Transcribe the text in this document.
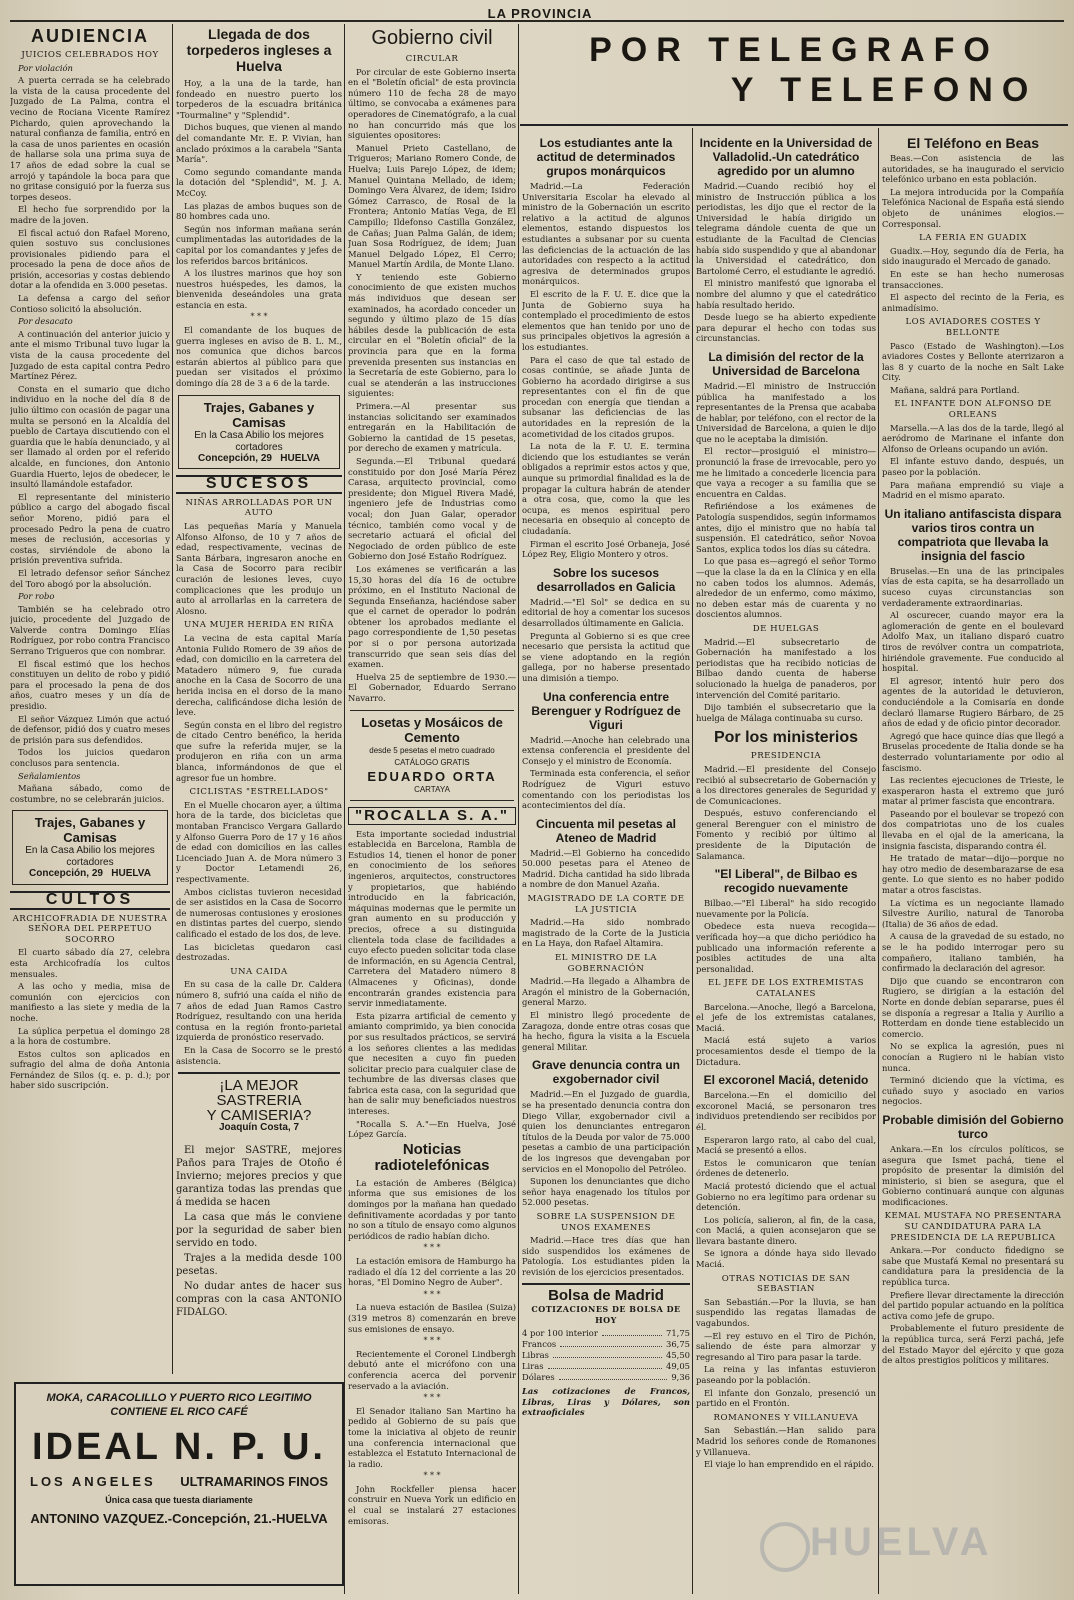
LA PROVINCIA
POR TELEGRAFO
Y TELEFONO
AUDIENCIA
JUICIOS CELEBRADOS HOY

Por violación

A puerta cerrada se ha celebrado la vista de la causa procedente del Juzgado de La Palma, contra el vecino de Rociana Vicente Ramírez Pichardo, quien aprovechando la natural confianza de familia, entró en la casa de unos parientes en ocasión de hallarse sola una prima suya de 17 años de edad sobre la cual se arrojó y tapándole la boca para que no gritase consiguió por la fuerza sus torpes deseos.

El hecho fue sorprendido por la madre de la joven.

El fiscal actuó don Rafael Moreno, quien sostuvo sus conclusiones provisionales pidiendo para el procesado la pena de doce años de prisión, accesorias y costas debiendo dotar a la ofendida en 3.000 pesetas.

La defensa a cargo del señor Contioso solicitó la absolución.

Por desacato

A continuación del anterior juicio y ante el mismo Tribunal tuvo lugar la vista de la causa procedente del Juzgado de esta capital contra Pedro Martínez Pérez.

Consta en el sumario que dicho individuo en la noche del día 8 de julio último con ocasión de pagar una multa se personó en la Alcaldía del pueblo de Cartaya discutiendo con el guardia que le había denunciado, y al ser llamado al orden por el referido alcalde, en funciones, don Antonio Guardia Huerto, lejos de obedecer, le insultó llamándole estafador.

El representante del ministerio público a cargo del abogado fiscal señor Moreno, pidió para el procesado Pedro la pena de cuatro meses de reclusión, accesorias y costas, sirviéndole de abono la prisión preventiva sufrida.

El letrado defensor señor Sánchez del Toro abogó por la absolución.

Por robo

También se ha celebrado otro juicio, procedente del Juzgado de Valverde contra Domingo Elías Rodríguez, por robo contra Francisco Serrano Trigueros que con nombrar.

El fiscal estimó que los hechos constituyen un delito de robo y pidió para el procesado la pena de dos años, cuatro meses y un día de presidio.

El señor Vázquez Limón que actuó de defensor, pidió dos y cuatro meses de prisión para sus defendidos.

Todos los juicios quedaron conclusos para sentencia.

Señalamientos

Mañana sábado, como de costumbre, no se celebrarán juicios.

Trajes, Gabanes y Camisas
En la Casa Abilio los mejores cortadores
Concepción, 29 HUELVA
CULTOS
ARCHICOFRADIA DE NUESTRA SEÑORA DEL PERPETUO SOCORRO

El cuarto sábado día 27, celebra esta Archicofradía los cultos mensuales.

A las ocho y media, misa de comunión con ejercicios con manifiesto a las siete y media de la noche.

La súplica perpetua el domingo 28 a la hora de costumbre.

Estos cultos son aplicados en sufragio del alma de doña Antonia Fernández de Silos (q. e. p. d.); por haber sido suscripción.

MOKA, CARACOLILLO Y PUERTO RICO LEGITIMO
CONTIENE EL RICO CAFÉ
IDEAL N. P. U.
LOS ANGELES ULTRAMARINOS FINOS
Única casa que tuesta diariamente
ANTONINO VAZQUEZ.-Concepción, 21.-HUELVA
Llegada de dos torpederos ingleses a Huelva

Hoy, a la una de la tarde, han fondeado en nuestro puerto los torpederos de la escuadra británica "Tourmaline" y "Splendid".

Dichos buques, que vienen al mando del comandante Mr. E. P. Vivian, han anclado próximos a la carabela "Santa María".

Como segundo comandante manda la dotación del "Splendid", M. J. A. McCoy.

Las plazas de ambos buques son de 80 hombres cada uno.

Según nos informan mañana serán cumplimentadas las autoridades de la capital por los comandantes y jefes de los referidos barcos británicos.

A los ilustres marinos que hoy son nuestros huéspedes, les damos, la bienvenida deseándoles una grata estancia en esta.

* * *

El comandante de los buques de guerra ingleses en aviso de B. L. M., nos comunica que dichos barcos estarán abiertos al público para que puedan ser visitados el próximo domingo día 28 de 3 a 6 de la tarde.

Trajes, Gabanes y Camisas
En la Casa Abilio los mejores cortadores
Concepción, 29 HUELVA
SUCESOS
NIÑAS ARROLLADAS POR UN AUTO

Las pequeñas María y Manuela Alfonso Alfonso, de 10 y 7 años de edad, respectivamente, vecinas de Santa Bárbara, ingresaron anoche en la Casa de Socorro para recibir curación de lesiones leves, cuyo complicaciones que les produjo un auto al arrollarlas en la carretera de Alosno.

UNA MUJER HERIDA EN RIÑA

La vecina de esta capital María Antonia Fulido Romero de 39 años de edad, con domicilio en la carretera del Matadero número 9, fue curada anoche en la Casa de Socorro de una herida incisa en el dorso de la mano derecha, calificándose dicha lesión de leve.

Según consta en el libro del registro de citado Centro benéfico, la herida que sufre la referida mujer, se la produjeron en riña con un arma blanca, informándonos de que el agresor fue un hombre.

CICLISTAS "ESTRELLADOS"

En el Muelle chocaron ayer, a última hora de la tarde, dos bicicletas que montaban Francisco Vergara Gallardo y Alfonso Guerra Poro de 17 y 16 años de edad con domicilios en las calles Licenciado Juan A. de Mora número 3 y Doctor Letamendi 26, respectivamente.

Ambos ciclistas tuvieron necesidad de ser asistidos en la Casa de Socorro de numerosas contusiones y erosiones en distintas partes del cuerpo, siendo calificado el estado de los dos, de leve.

Las bicicletas quedaron casi destrozadas.

UNA CAIDA

En su casa de la calle Dr. Caldera número 8, sufrió una caída el niño de 7 años de edad Juan Ramos Castro Rodríguez, resultando con una herida contusa en la región fronto-parietal izquierda de pronóstico reservado.

En la Casa de Socorro se le prestó asistencia.

¡LA MEJOR SASTRERIA
Y CAMISERIA?
Joaquín Costa, 7

El mejor SASTRE, mejores Paños para Trajes de Otoño é Invierno; mejores precios y que garantiza todas las prendas que á medida se hacen

La casa que más le conviene por la seguridad de saber bien servido en todo.

Trajes a la medida desde 100 pesetas.

No dudar antes de hacer sus compras con la casa ANTONIO FIDALGO.

Gobierno civil
CIRCULAR

Por circular de este Gobierno inserta en el "Boletín oficial" de esta provincia número 110 de fecha 28 de mayo último, se convocaba a exámenes para operadores de Cinematógrafo, a la cual no han concurrido más que los siguientes opositores:

Manuel Prieto Castellano, de Trigueros; Mariano Romero Conde, de Huelva; Luis Parejo López, de idem; Manuel Quintana Mellado, de idem; Domingo Vera Álvarez, de idem; Isidro Gómez Carrasco, de Rosal de la Frontera; Antonio Matías Vega, de El Campillo; Ildefonso Castilla González, de Cañas; Juan Palma Galán, de idem; Juan Sosa Rodríguez, de idem; Juan Manuel Delgado López, El Cerro; Manuel Martín Ardila, de Monte Llano.

Y teniendo este Gobierno conocimiento de que existen muchos más individuos que desean ser examinados, ha acordado conceder un segundo y último plazo de 15 días hábiles desde la publicación de esta circular en el "Boletín oficial" de la provincia para que en la forma prevenida presenten sus instancias en la Secretaría de este Gobierno, para lo cual se atenderán a las instrucciones siguientes:

Primera.—Al presentar sus instancias solicitando ser examinados entregarán en la Habilitación de Gobierno la cantidad de 15 pesetas, por derecho de examen y matrícula.

Segunda.—El Tribunal quedará constituido por don José María Pérez Carasa, arquitecto provincial, como presidente; don Miguel Rivera Madé, ingeniero jefe de Industrias como vocal; don Juan Galar, operador técnico, también como vocal y de secretario actuará el oficial del Negociado de orden público de este Gobierno don José Estaño Rodríguez.

Los exámenes se verificarán a las 15,30 horas del día 16 de octubre próximo, en el Instituto Nacional de Segunda Enseñanza, haciéndose saber que el carnet de operador lo podrán obtener los aprobados mediante el pago correspondiente de 1,50 pesetas por si o por persona autorizada transcurrido que sean seis días del examen.

Huelva 25 de septiembre de 1930.—El Gobernador, Eduardo Serrano Navarro.

Losetas y Mosáicos de Cemento
desde 5 pesetas el metro cuadrado
CATÁLOGO GRATIS
EDUARDO ORTA
CARTAYA
"ROCALLA S. A."

Esta importante sociedad industrial establecida en Barcelona, Rambla de Estudios 14, tienen el honor de poner en conocimiento de los señores ingenieros, arquitectos, constructores y propietarios, que habiéndo introducido en la fabricación, máquinas modernas que le permite un gran aumento en su producción y precios, ofrece a su distinguida clientela toda clase de facilidades a cuyo efecto pueden solicitar toda clase de información, en su Agencia Central, Carretera del Matadero número 8 (Almacenes y Oficinas), donde encontrarán grandes existencia para servir inmediatamente.

Esta pizarra artificial de cemento y amianto comprimido, ya bien conocida por sus resultados prácticos, se servirá a los señores clientes a las medidas que necesiten a cuyo fin pueden solicitar precio para cualquier clase de techumbre de las diversas clases que fabrica esta casa, con la seguridad que han de salir muy beneficiados nuestros intereses.

"Rocalla S. A."—En Huelva, José López García.

Noticias radiotelefónicas

La estación de Amberes (Bélgica) informa que sus emisiones de los domingos por la mañana han quedado definitivamente acordadas y por tanto no son a título de ensayo como algunos periódicos de radio habían dicho.

* * *

La estación emisora de Hamburgo ha radiado el día 12 del corriente a las 20 horas, "El Domino Negro de Auber".

* * *

La nueva estación de Basilea (Suiza) (319 metros 8) comenzarán en breve sus emisiones de ensayo.

* * *

Recientemente el Coronel Lindbergh debutó ante el micrófono con una conferencia acerca del porvenir reservado a la aviación.

* * *

El Senador italiano San Martino ha pedido al Gobierno de su país que tome la iniciativa al objeto de reunir una conferencia internacional que establezca el Estatuto Internacional de la radio.

* * *

John Rockfeller piensa hacer construir en Nueva York un edificio en el cual se instalará 27 estaciones emisoras.

Los estudiantes ante la actitud de determinados grupos monárquicos

Madrid.—La Federación Universitaria Escolar ha elevado al ministro de la Gobernación un escrito relativo a la actitud de algunos elementos, estando dispuestos los estudiantes a subsanar por su cuenta las deficiencias de la actuación de las autoridades con respecto a la actitud agresiva de determinados grupos monárquicos.

El escrito de la F. U. E. dice que la Junta de Gobierno suya ha contemplado el procedimiento de estos elementos que han tenido por uno de sus principales objetivos la agresión a los estudiantes.

Para el caso de que tal estado de cosas continúe, se añade Junta de Gobierno ha acordado dirigirse a sus representantes con el fin de que procedan con energía que tiendan a subsanar las deficiencias de las autoridades en la represión de la acometividad de los citados grupos.

La nota de la F. U. E. termina diciendo que los estudiantes se verán obligados a reprimir estos actos y que, aunque su primordial finalidad es la de propagar la cultura habrán de atender a otra cosa, que, como la que les ocupa, es menos espiritual pero necesaria en obsequio al concepto de ciudadanía.

Firman el escrito José Orbaneja, José López Rey, Eligio Montero y otros.

Sobre los sucesos desarrollados en Galicia

Madrid.—"El Sol" se dedica en su editorial de hoy a comentar los sucesos desarrollados últimamente en Galicia.

Pregunta al Gobierno si es que cree necesario que persista la actitud que se viene adoptando en la región gallega, por no haberse presentado una dimisión a tiempo.

Una conferencia entre Berenguer y Rodríguez de Viguri

Madrid.—Anoche han celebrado una extensa conferencia el presidente del Consejo y el ministro de Economía.

Terminada esta conferencia, el señor Rodríguez de Viguri estuvo comentando con los periodistas los acontecimientos del día.

Cincuenta mil pesetas al Ateneo de Madrid

Madrid.—El Gobierno ha concedido 50.000 pesetas para el Ateneo de Madrid. Dicha cantidad ha sido librada a nombre de don Manuel Azaña.

MAGISTRADO DE LA CORTE DE LA JUSTICIA

Madrid.—Ha sido nombrado magistrado de la Corte de la Justicia en La Haya, don Rafael Altamira.

EL MINISTRO DE LA GOBERNACIÓN

Madrid.—Ha llegado a Alhambra de Aragón el ministro de la Gobernación, general Marzo.

El ministro llegó procedente de Zaragoza, donde entre otras cosas que ha hecho, figura la visita a la Escuela general Militar.

Grave denuncia contra un exgobernador civil

Madrid.—En el Juzgado de guardia, se ha presentado denuncia contra don Diego Villar, exgobernador civil a quien los denunciantes entregaron títulos de la Deuda por valor de 75.000 pesetas a cambio de una participación de los ingresos que devengaban por servicios en el Monopolio del Petróleo.

Suponen los denunciantes que dicho señor haya enagenado los títulos por 52.000 pesetas.

SOBRE LA SUSPENSION DE UNOS EXAMENES

Madrid.—Hace tres días que han sido suspendidos los exámenes de Patología. Los estudiantes piden la revisión de los ejercicios presentados.

Bolsa de Madrid
COTIZACIONES DE BOLSA DE HOY
4 por 100 interior	71,75
Francos	36,75
Libras	45,50
Liras	49,05
Dólares	9,36

Las cotizaciones de Francos, Libras, Liras y Dólares, son extraoficiales

Incidente en la Universidad de Valladolid.-Un catedrático agredido por un alumno

Madrid.—Cuando recibió hoy el ministro de Instrucción pública a los periodistas, les dijo que el rector de la Universidad le había dirigido un telegrama dándole cuenta de que un estudiante de la Facultad de Ciencias había sido suspendido y que al abandonar la Universidad el catedrático, don Bartolomé Cerro, el estudiante le agredió.

El ministro manifestó que ignoraba el nombre del alumno y que el catedrático había resultado herido.

Desde luego se ha abierto expediente para depurar el hecho con todas sus circunstancias.

La dimisión del rector de la Universidad de Barcelona

Madrid.—El ministro de Instrucción pública ha manifestado a los representantes de la Prensa que acababa de hablar, por teléfono, con el rector de la Universidad de Barcelona, a quien le dijo que no le aceptaba la dimisión.

El rector—prosiguió el ministro—pronunció la frase de irrevocable, pero yo me he limitado a concederle licencia para que vaya a recoger a su familia que se encuentra en Caldas.

Refiriéndose a los exámenes de Patología suspendidos, según informamos antes, dijo el ministro que no había tal suspensión. El catedrático, señor Novoa Santos, explica todos los días su cátedra.

Lo que pasa es—agregó el señor Tormo—que la clase la da en la Clínica y en ella no caben todos los alumnos. Además, alrededor de un enfermo, como máximo, no deben estar más de cuarenta y no doscientos alumnos.

DE HUELGAS

Madrid.—El subsecretario de Gobernación ha manifestado a los periodistas que ha recibido noticias de Bilbao dando cuenta de haberse solucionado la huelga de panaderos, por intervención del Comité paritario.

Dijo también el subsecretario que la huelga de Málaga continuaba su curso.

Por los ministerios
PRESIDENCIA

Madrid.—El presidente del Consejo recibió al subsecretario de Gobernación y a los directores generales de Seguridad y de Comunicaciones.

Después, estuvo conferenciando el general Berenguer con el ministro de Fomento y recibió por último al presidente de la Diputación de Salamanca.

"El Liberal", de Bilbao es recogido nuevamente

Bilbao.—"El Liberal" ha sido recogido nuevamente por la Policía.

Obedece esta nueva recogida—veríficada hoy—a que dicho periódico ha publicado una información referente a posibles actitudes de una alta personalidad.

EL JEFE DE LOS EXTREMISTAS CATALANES

Barcelona.—Anoche, llegó a Barcelona, el jefe de los extremistas catalanes, Maciá.

Maciá está sujeto a varios procesamientos desde el tiempo de la Dictadura.

El excoronel Maciá, detenido

Barcelona.—En el domicilio del excoronel Maciá, se personaron tres individuos pretendiendo ser recibidos por él.

Esperaron largo rato, al cabo del cual, Maciá se presentó a ellos.

Estos le comunicaron que tenían órdenes de detenerlo.

Maciá protestó diciendo que el actual Gobierno no era legítimo para ordenar su detención.

Los policía, salieron, al fin, de la casa, con Maciá, a quien aconsejaron que se llevara bastante dinero.

Se ignora a dónde haya sido llevado Maciá.

OTRAS NOTICIAS DE SAN SEBASTIAN

San Sebastián.—Por la lluvia, se han suspendido las regatas llamadas de vagabundos.

—El rey estuvo en el Tiro de Pichón, saliendo de éste para almorzar y regresando al Tiro para pasar la tarde.

La reina y las infantas estuvieron paseando por la población.

El infante don Gonzalo, presenció un partido en el Frontón.

ROMANONES Y VILLANUEVA

San Sebastián.—Han salido para Madrid los señores conde de Romanones y Villanueva.

El viaje lo han emprendido en el rápido.

El Teléfono en Beas

Beas.—Con asistencia de las autoridades, se ha inaugurado el servicio telefónico urbano en esta población.

La mejora introducida por la Compañía Telefónica Nacional de España está siendo objeto de unánimes elogios.—Corresponsal.

LA FERIA EN GUADIX

Guadix.—Hoy, segundo día de Feria, ha sido inaugurado el Mercado de ganado.

En este se han hecho numerosas transacciones.

El aspecto del recinto de la Feria, es animadísimo.

LOS AVIADORES COSTES Y BELLONTE

Pasco (Estado de Washington).—Los aviadores Costes y Bellonte aterrizaron a las 8 y cuarto de la noche en Salt Lake City.

Mañana, saldrá para Portland.

EL INFANTE DON ALFONSO DE ORLEANS

Marsella.—A las dos de la tarde, llegó al aeródromo de Marinane el infante don Alfonso de Orleans ocupando un avión.

El infante estuvo dando, después, un paseo por la población.

Para mañana emprendió su viaje a Madrid en el mismo aparato.

Un italiano antifascista dispara varios tiros contra un compatriota que llevaba la insignia del fascio

Bruselas.—En una de las principales vías de esta capita, se ha desarrollado un suceso cuyas circunstancias son verdaderamente extraordinarias.

Al oscurecer, cuando mayor era la aglomeración de gente en el boulevard Adolfo Max, un italiano disparó cuatro tiros de revólver contra un compatriota, hiriéndole gravemente. Fue conducido al hospital.

El agresor, intentó huir pero dos agentes de la autoridad le detuvieron, conduciéndole a la Comisaría en donde declaró llamarse Rugiero Bárbaro, de 25 años de edad y de oficio pintor decorador.

Agregó que hace quince días que llegó a Bruselas procedente de Italia donde se ha desterrado voluntariamente por odio al fascismo.

Las recientes ejecuciones de Trieste, le exasperaron hasta el extremo que juró matar al primer fascista que encontrara.

Paseando por el boulevar se tropezó con dos compatriotas uno de los cuales llevaba en el ojal de la americana, la insignia fascista, disparando contra él.

He tratado de matar—dijo—porque no hay otro medio de desembarazarse de esa gente. Lo que siento es no haber podido matar a otros fascistas.

La víctima es un negociante llamado Silvestre Aurilio, natural de Tanoroba (Italia) de 36 años de edad.

A causa de la gravedad de su estado, no se le ha podido interrogar pero su compañero, italiano también, ha confirmado la declaración del agresor.

Dijo que cuando se encontraron con Rugiero, se dirigían a la estación del Norte en donde debían separarse, pues él se disponía a regresar a Italia y Aurilio a Rotterdam en donde tiene establecido un comercio.

No se explica la agresión, pues ni conocían a Rugiero ni le habían visto nunca.

Terminó diciendo que la víctima, es cuñado suyo y asociado en varios negocios.

Probable dimisión del Gobierno turco

Ankara.—En los círculos políticos, se asegura que Ismet pachá, tiene el propósito de presentar la dimisión del ministerio, si bien se asegura, que el Gobierno continuará aunque con algunas modificaciones.

KEMAL MUSTAFA NO PRESENTARA SU CANDIDATURA PARA LA PRESIDENCIA DE LA REPUBLICA

Ankara.—Por conducto fidedigno se sabe que Mustafá Kemal no presentará su candidatura para la presidencia de la república turca.

Prefiere llevar directamente la dirección del partido popular actuando en la política activa como jefe de grupo.

Probablemente el futuro presidente de la república turca, será Ferzi pachá, jefe del Estado Mayor del ejército y que goza de altos prestigios políticos y militares.

HUELVA
